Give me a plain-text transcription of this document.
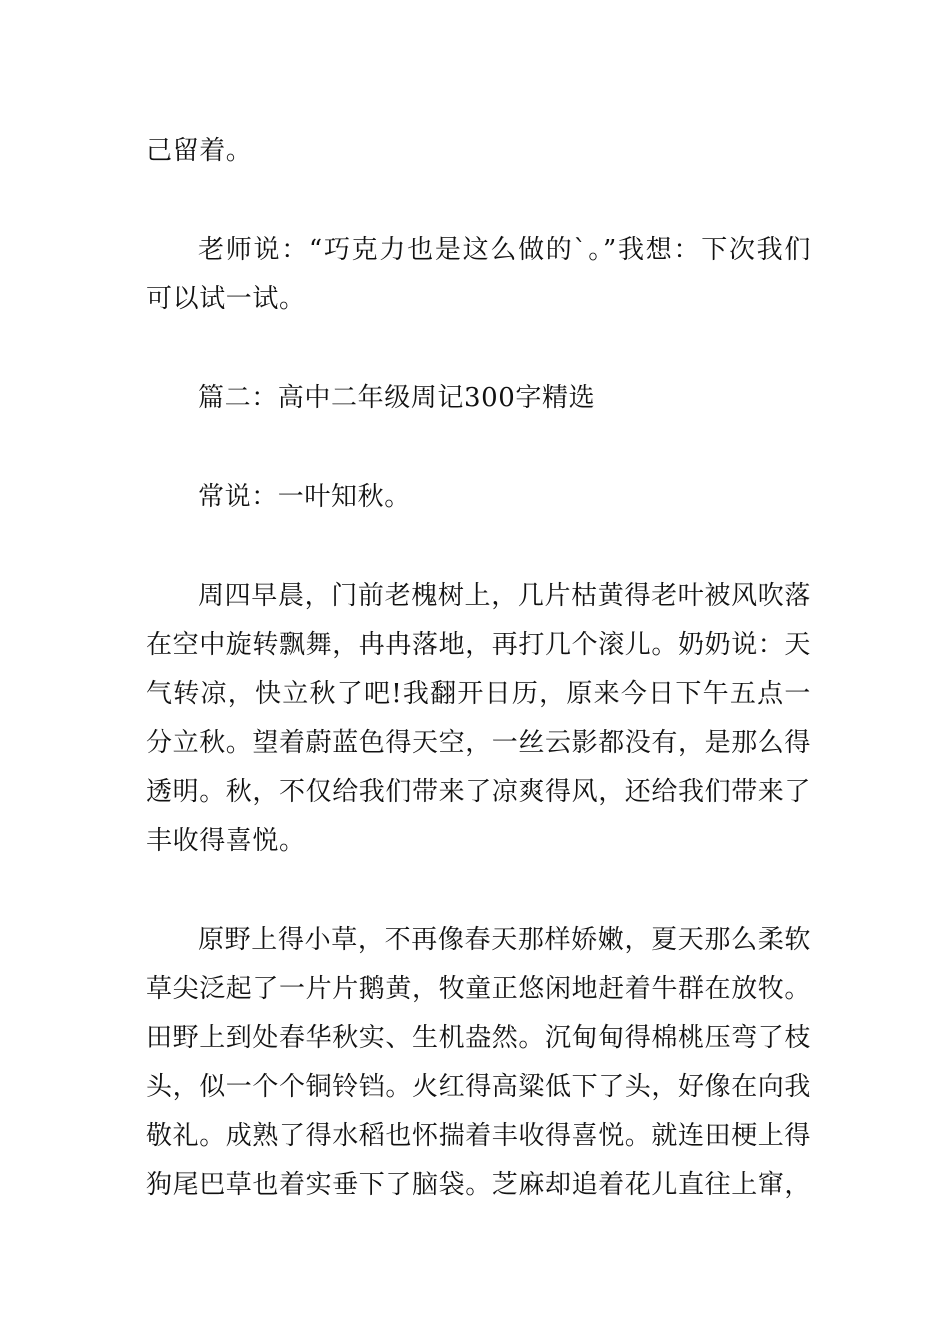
己留着。

老师说：“巧克力也是这么做的`。”我想：下次我们可以试一试。

篇二：高中二年级周记300字精选

常说：一叶知秋。

周四早晨，门前老槐树上，几片枯黄得老叶被风吹落在空中旋转飘舞，冉冉落地，再打几个滚儿。奶奶说：天气转凉，快立秋了吧!我翻开日历，原来今日下午五点一分立秋。望着蔚蓝色得天空，一丝云影都没有，是那么得透明。秋，不仅给我们带来了凉爽得风，还给我们带来了丰收得喜悦。

原野上得小草，不再像春天那样娇嫩，夏天那么柔软草尖泛起了一片片鹅黄，牧童正悠闲地赶着牛群在放牧。田野上到处春华秋实、生机盎然。沉甸甸得棉桃压弯了枝头，似一个个铜铃铛。火红得高粱低下了头，好像在向我敬礼。成熟了得水稻也怀揣着丰收得喜悦。就连田梗上得狗尾巴草也着实垂下了脑袋。芝麻却追着花儿直往上窜，
